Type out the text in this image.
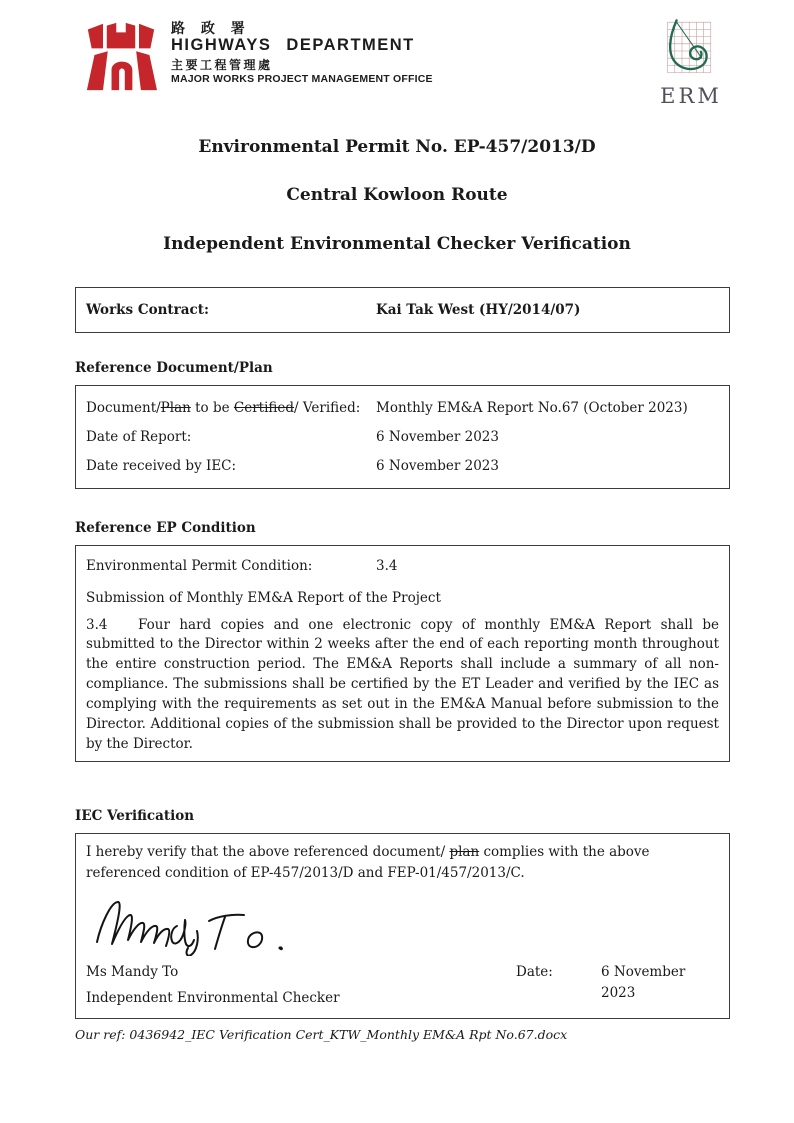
路 政 署
HIGHWAYS DEPARTMENT
主要工程管理處
MAJOR WORKS PROJECT MANAGEMENT OFFICE
ERM
Environmental Permit No. EP-457/2013/D
Central Kowloon Route
Independent Environmental Checker Verification
Works Contract:	Kai Tak West (HY/2014/07)
Reference Document/Plan
Document/Plan to be Certified/ Verified:	Monthly EM&A Report No.67 (October 2023)
Date of Report:	6 November 2023
Date received by IEC:	6 November 2023
Reference EP Condition
Environmental Permit Condition:	3.4
Submission of Monthly EM&A Report of the Project

3.4 Four hard copies and one electronic copy of monthly EM&A Report shall be submitted to the Director within 2 weeks after the end of each reporting month throughout the entire construction period. The EM&A Reports shall include a summary of all non-compliance. The submissions shall be certified by the ET Leader and verified by the IEC as complying with the requirements as set out in the EM&A Manual before submission to the Director. Additional copies of the submission shall be provided to the Director upon request by the Director.

IEC Verification

I hereby verify that the above referenced document/ plan complies with the above referenced condition of EP-457/2013/D and FEP-01/457/2013/C.

Ms Mandy To	Date:	6 November 2023
Independent Environmental Checker
Our ref: 0436942_IEC Verification Cert_KTW_Monthly EM&A Rpt No.67.docx
